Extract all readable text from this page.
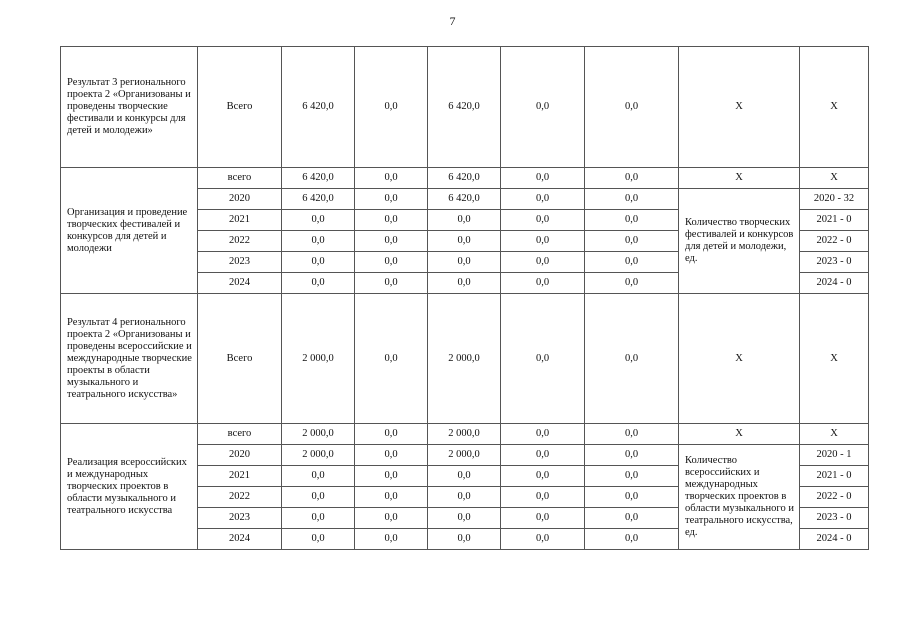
7
Результат 3 регионального проекта 2 «Организованы и проведены творческие фестивали и конкурсы для детей и молодежи»	Всего	6 420,0	0,0	6 420,0	0,0	0,0	Х	Х
Организация и проведение творческих фестивалей и конкурсов для детей и молодежи	всего	6 420,0	0,0	6 420,0	0,0	0,0	Х	Х
	2020	6 420,0	0,0	6 420,0	0,0	0,0	Количество творческих фестивалей и конкурсов для детей и молодежи, ед.	2020 - 32
	2021	0,0	0,0	0,0	0,0	0,0		2021 - 0
	2022	0,0	0,0	0,0	0,0	0,0		2022 - 0
	2023	0,0	0,0	0,0	0,0	0,0		2023 - 0
	2024	0,0	0,0	0,0	0,0	0,0		2024 - 0
Результат 4 регионального проекта 2 «Организованы и проведены всероссийские и международные творческие проекты в области музыкального и театрального искусства»	Всего	2 000,0	0,0	2 000,0	0,0	0,0	Х	Х
Реализация всероссийских и международных творческих проектов в области музыкального и театрального искусства	всего	2 000,0	0,0	2 000,0	0,0	0,0	Х	Х
	2020	2 000,0	0,0	2 000,0	0,0	0,0	Количество всероссийских и международных творческих проектов в области музыкального и театрального искусства, ед.	2020 - 1
	2021	0,0	0,0	0,0	0,0	0,0		2021 - 0
	2022	0,0	0,0	0,0	0,0	0,0		2022 - 0
	2023	0,0	0,0	0,0	0,0	0,0		2023 - 0
	2024	0,0	0,0	0,0	0,0	0,0		2024 - 0
